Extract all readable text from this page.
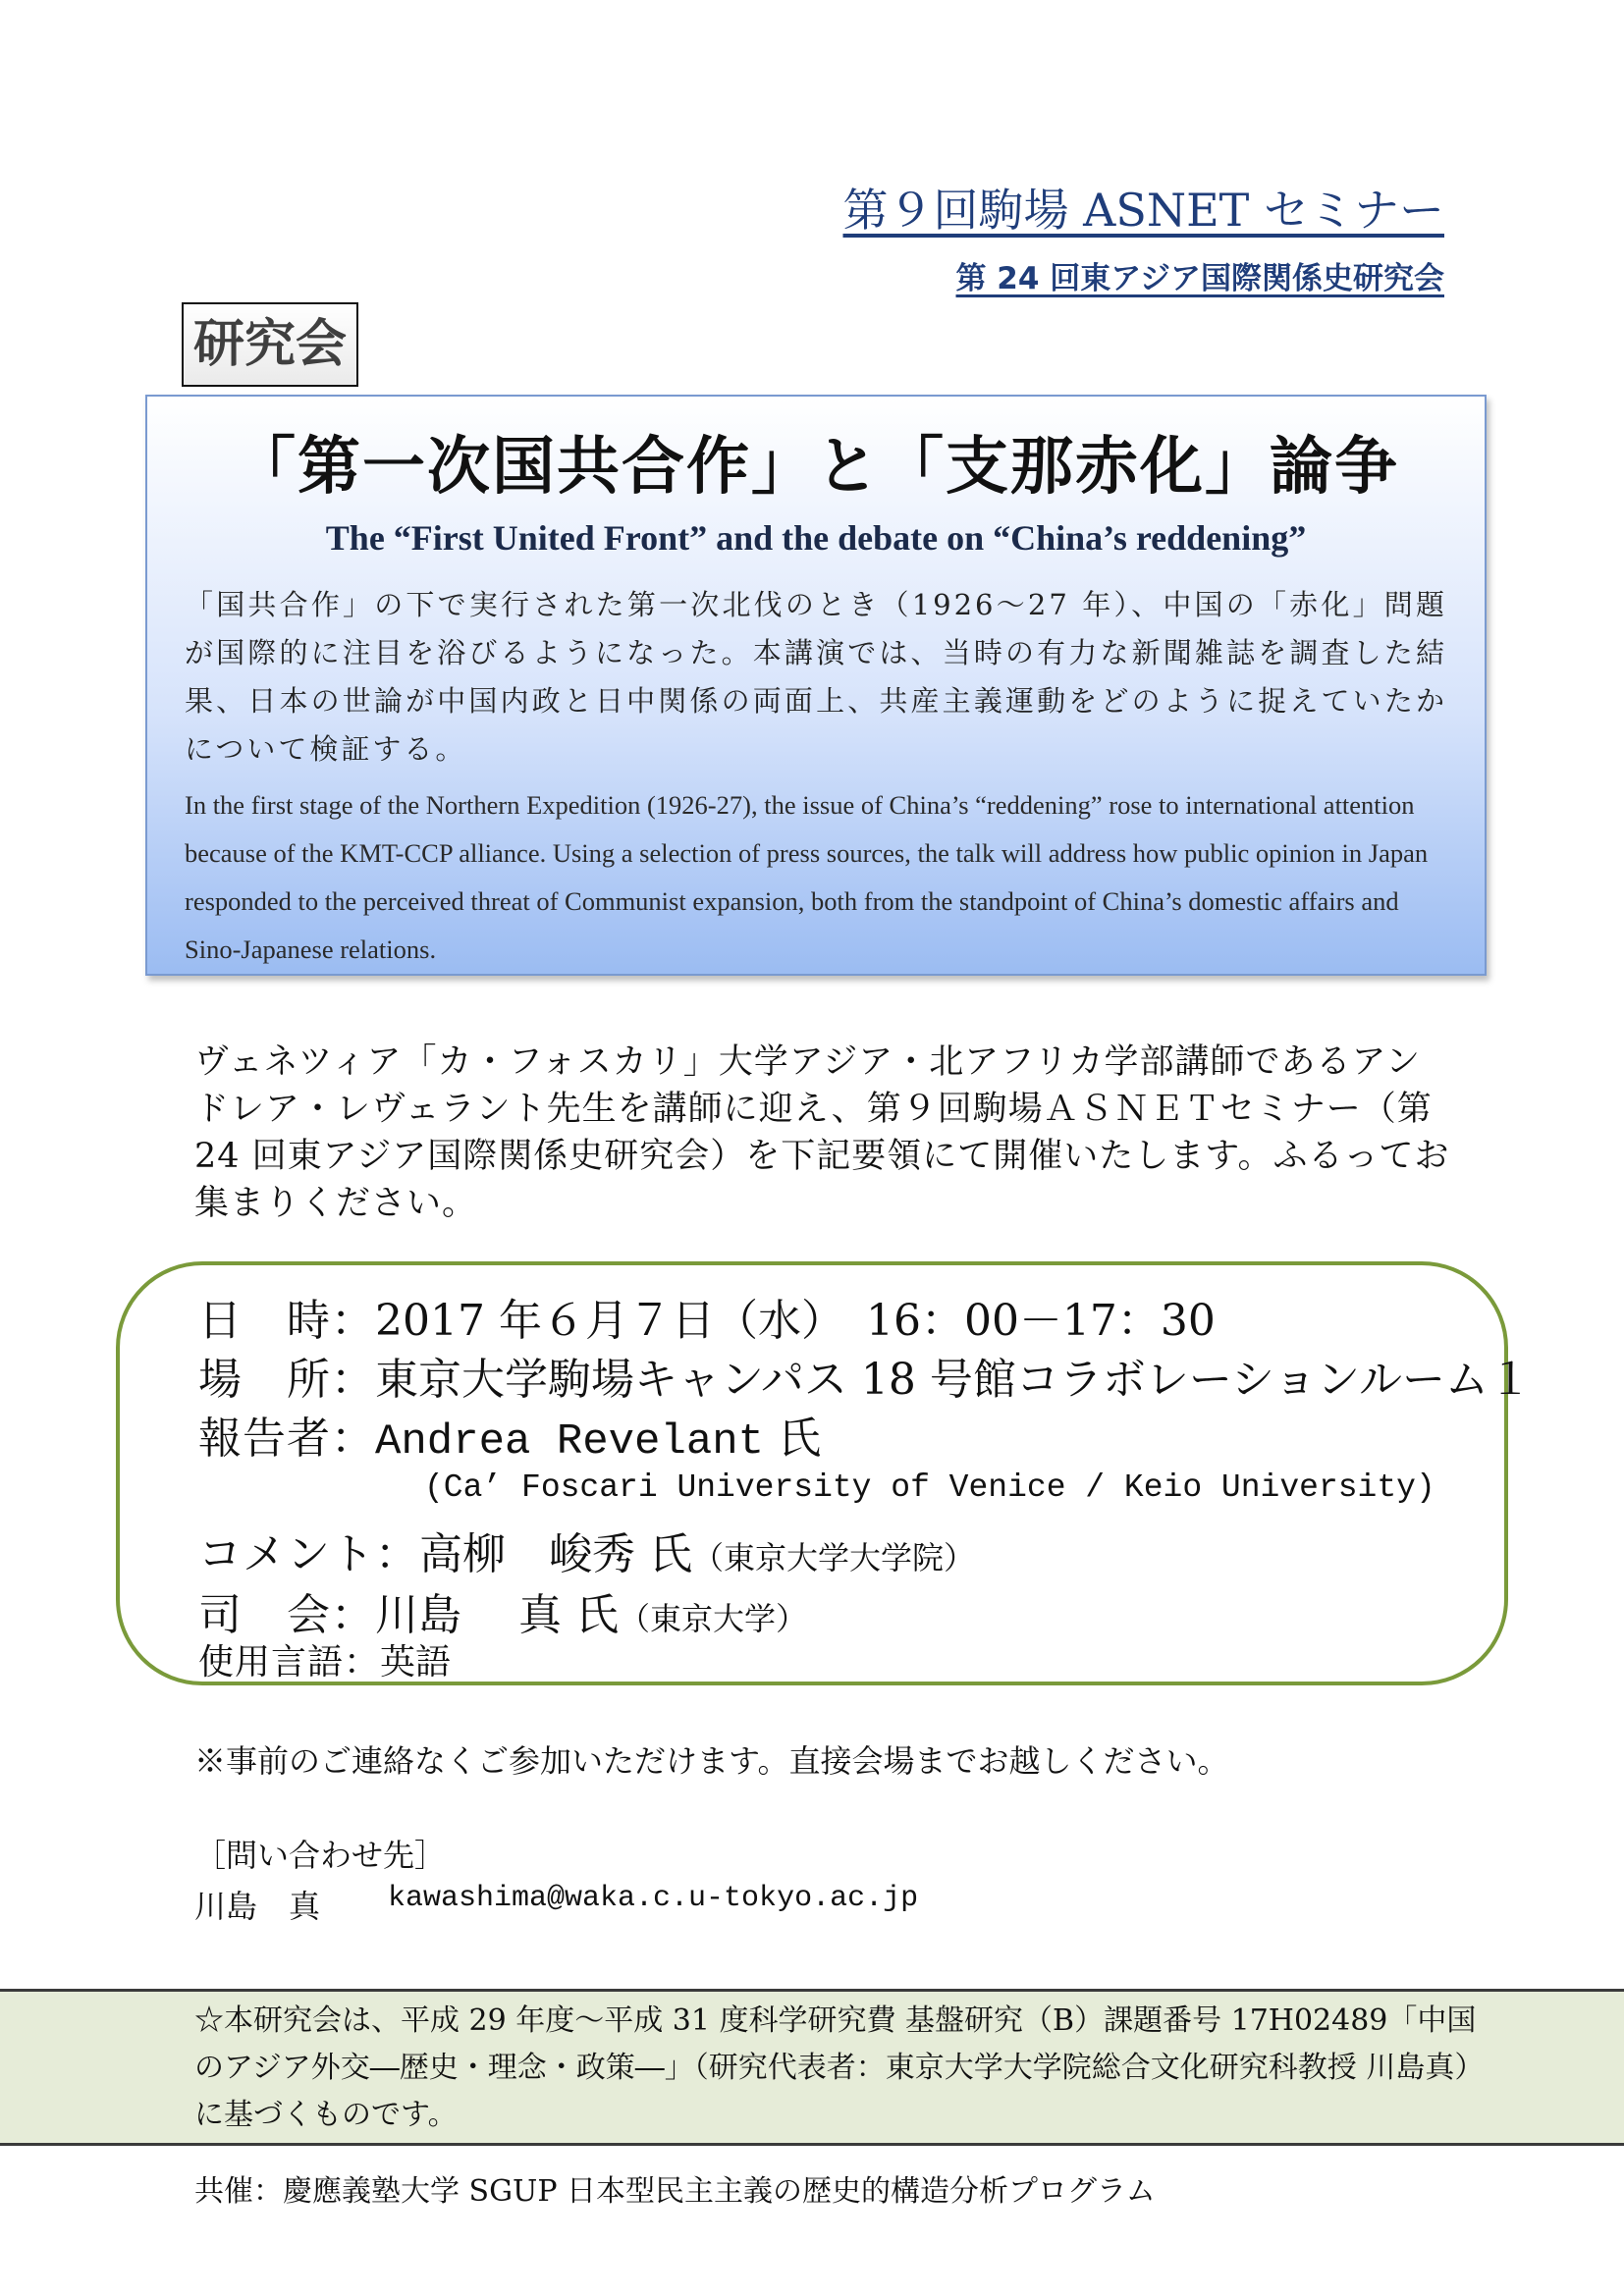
第９回駒場 ASNET セミナー
第 24 回東アジア国際関係史研究会
研究会
「第一次国共合作」と「支那赤化」論争
The “First United Front” and the debate on “China’s reddening”
「国共合作」の下で実行された第一次北伐のとき（1926～27 年）、中国の「赤化」問題が国際的に注目を浴びるようになった。本講演では、当時の有力な新聞雑誌を調査した結果、日本の世論が中国内政と日中関係の両面上、共産主義運動をどのように捉えていたかについて検証する。
In the first stage of the Northern Expedition (1926-27), the issue of China’s “reddening” rose to international attention because of the KMT-CCP alliance. Using a selection of press sources, the talk will address how public opinion in Japan responded to the perceived threat of Communist expansion, both from the standpoint of China’s domestic affairs and Sino-Japanese relations.
ヴェネツィア「カ・フォスカリ」大学アジア・北アフリカ学部講師であるアンドレア・レヴェラント先生を講師に迎え、第９回駒場ＡＳＮＥＴセミナー（第 24 回東アジア国際関係史研究会）を下記要領にて開催いたします。ふるってお集まりください。
日　時：2017 年６月７日（水）　16：00－17：30
場　所：東京大学駒場キャンパス 18 号館コラボレーションルーム１
報告者：Andrea Revelant 氏
(Ca’ Foscari University of Venice / Keio University)
コメント：高柳　峻秀 氏（東京大学大学院）
司　会：川島　 真 氏（東京大学）
使用言語：英語
※事前のご連絡なくご参加いただけます。直接会場までお越しください。
［問い合わせ先］
川島　真 kawashima@waka.c.u-tokyo.ac.jp
☆本研究会は、平成 29 年度～平成 31 度科学研究費 基盤研究（B）課題番号 17H02489「中国のアジア外交―歴史・理念・政策―」（研究代表者：東京大学大学院総合文化研究科教授 川島真）に基づくものです。
共催：慶應義塾大学 SGUP 日本型民主主義の歴史的構造分析プログラム
